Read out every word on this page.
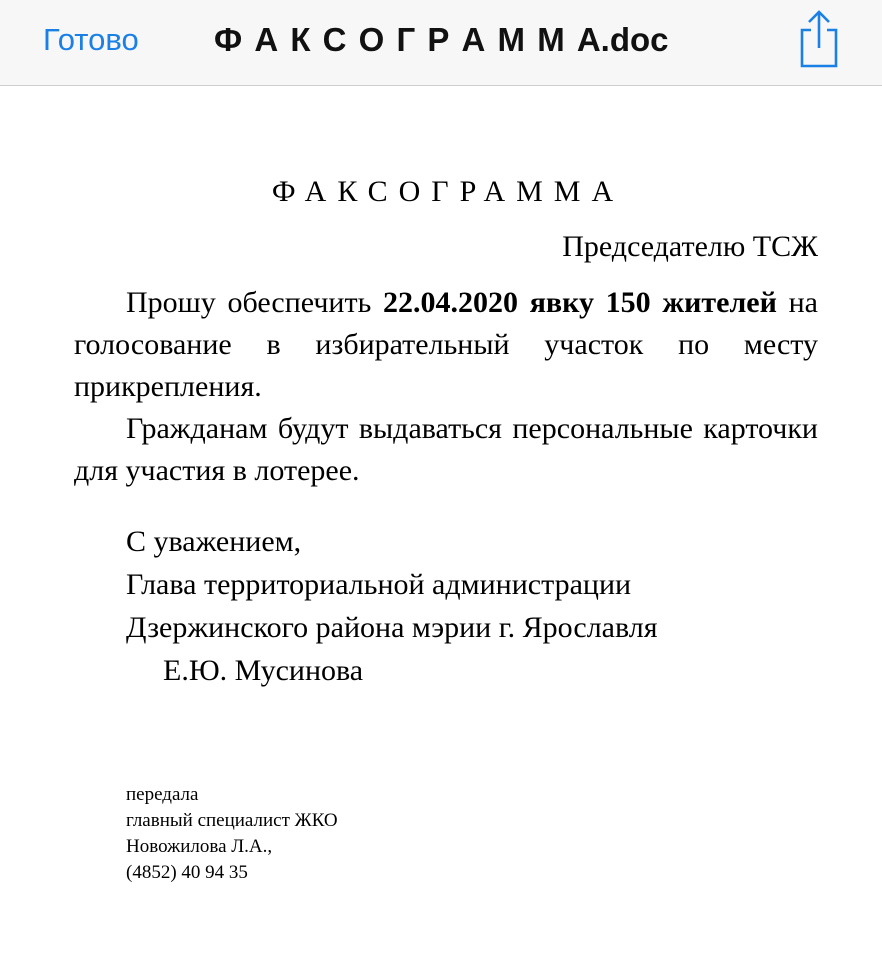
Готово Ф А К С О Г Р А М М А.doc
ФАКСОГРАММА
Председателю ТСЖ

Прошу обеспечить 22.04.2020 явку 150 жителей на голосование в избирательный участок по месту прикрепления.

Гражданам будут выдаваться персональные карточки для участия в лотерее.

С уважением,
Глава территориальной администрации
Дзержинского района мэрии г. Ярославля
Е.Ю. Мусинова
передала
главный специалист ЖКО
Новожилова Л.А.,
(4852) 40 94 35
